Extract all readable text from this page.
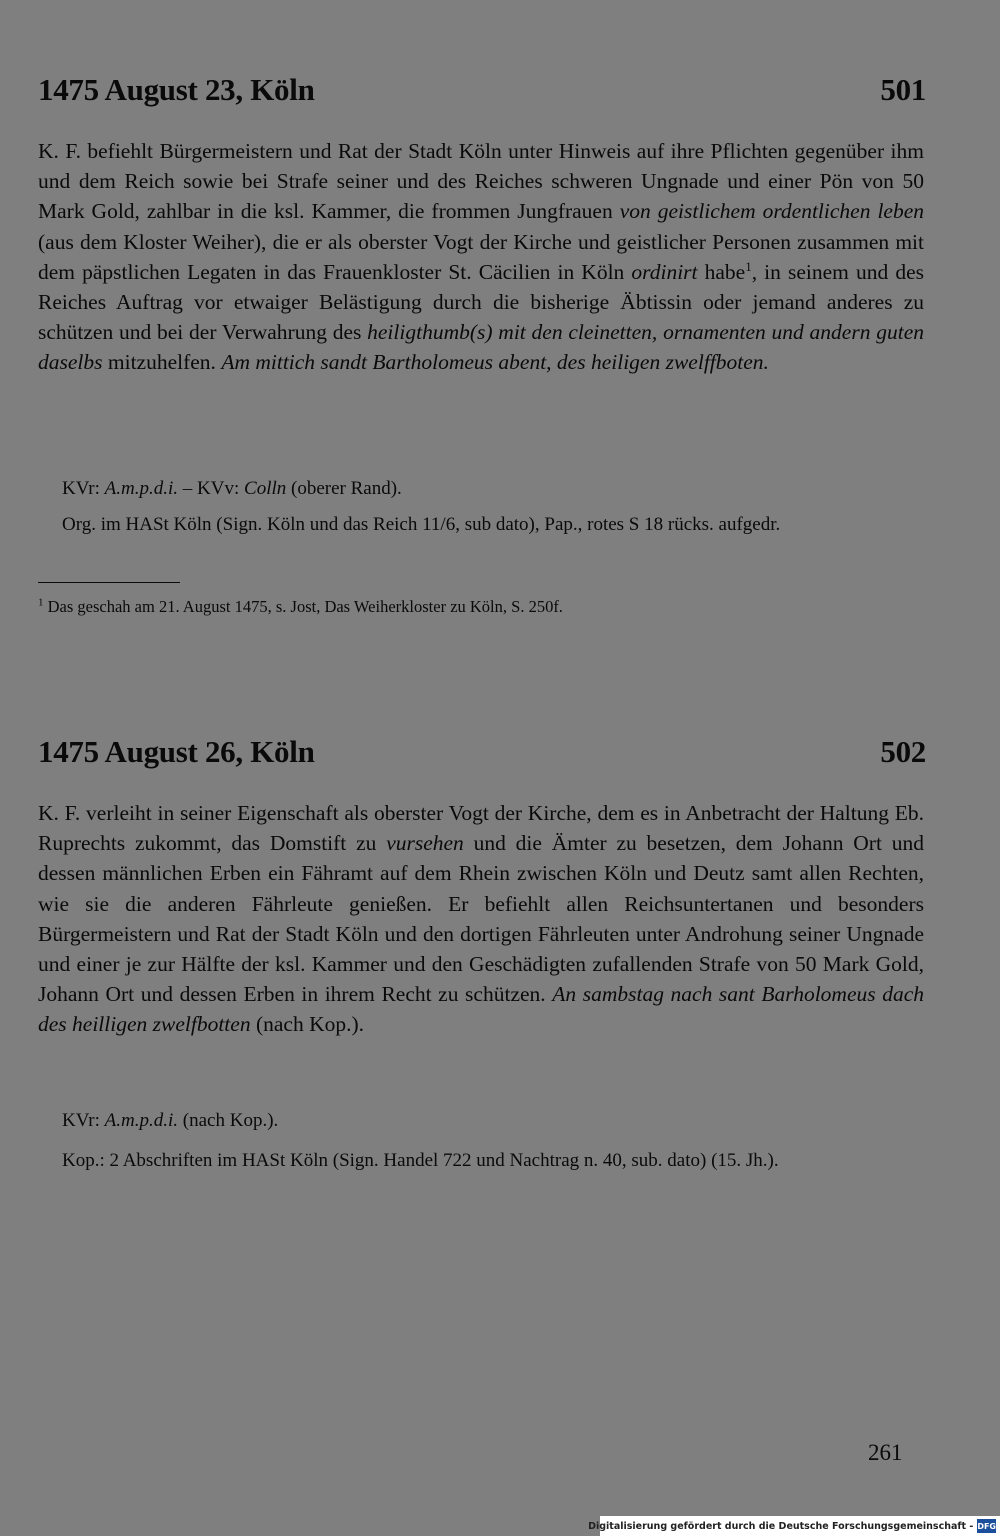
1475 August 23, Köln	501

K. F. befiehlt Bürgermeistern und Rat der Stadt Köln unter Hinweis auf ihre Pflichten gegenüber ihm und dem Reich sowie bei Strafe seiner und des Reiches schweren Ungnade und einer Pön von 50 Mark Gold, zahlbar in die ksl. Kammer, die frommen Jungfrauen von geistlichem ordentlichen leben (aus dem Kloster Weiher), die er als oberster Vogt der Kirche und geistlicher Personen zusammen mit dem päpstlichen Legaten in das Frauenkloster St. Cäcilien in Köln ordinirt habe$^1$, in seinem und des Reiches Auftrag vor etwaiger Belästigung durch die bisherige Äbtissin oder jemand anderes zu schützen und bei der Verwahrung des heiligthumb(s) mit den cleinetten, ornamenten und andern guten daselbs mitzuhelfen. Am mittich sandt Bartholomeus abent, des heiligen zwelffboten.

KVr: A.m.p.d.i. – KVv: Colln (oberer Rand).

Org. im HASt Köln (Sign. Köln und das Reich 11/6, sub dato), Pap., rotes S 18 rücks. aufgedr.

$^1$ Das geschah am 21. August 1475, s. Jost, Das Weiherkloster zu Köln, S. 250f.
1475 August 26, Köln	502

K. F. verleiht in seiner Eigenschaft als oberster Vogt der Kirche, dem es in Anbetracht der Haltung Eb. Ruprechts zukommt, das Domstift zu vursehen und die Ämter zu besetzen, dem Johann Ort und dessen männlichen Erben ein Fähramt auf dem Rhein zwischen Köln und Deutz samt allen Rechten, wie sie die anderen Fährleute genießen. Er befiehlt allen Reichsuntertanen und besonders Bürgermeistern und Rat der Stadt Köln und den dortigen Fährleuten unter Androhung seiner Ungnade und einer je zur Hälfte der ksl. Kammer und den Geschädigten zufallenden Strafe von 50 Mark Gold, Johann Ort und dessen Erben in ihrem Recht zu schützen. An sambstag nach sant Barholomeus dach des heilligen zwelfbotten (nach Kop.).

KVr: A.m.p.d.i. (nach Kop.).

Kop.: 2 Abschriften im HASt Köln (Sign. Handel 722 und Nachtrag n. 40, sub. dato) (15. Jh.).

261
Digitalisierung gefördert durch die Deutsche Forschungsgemeinschaft - DFG
